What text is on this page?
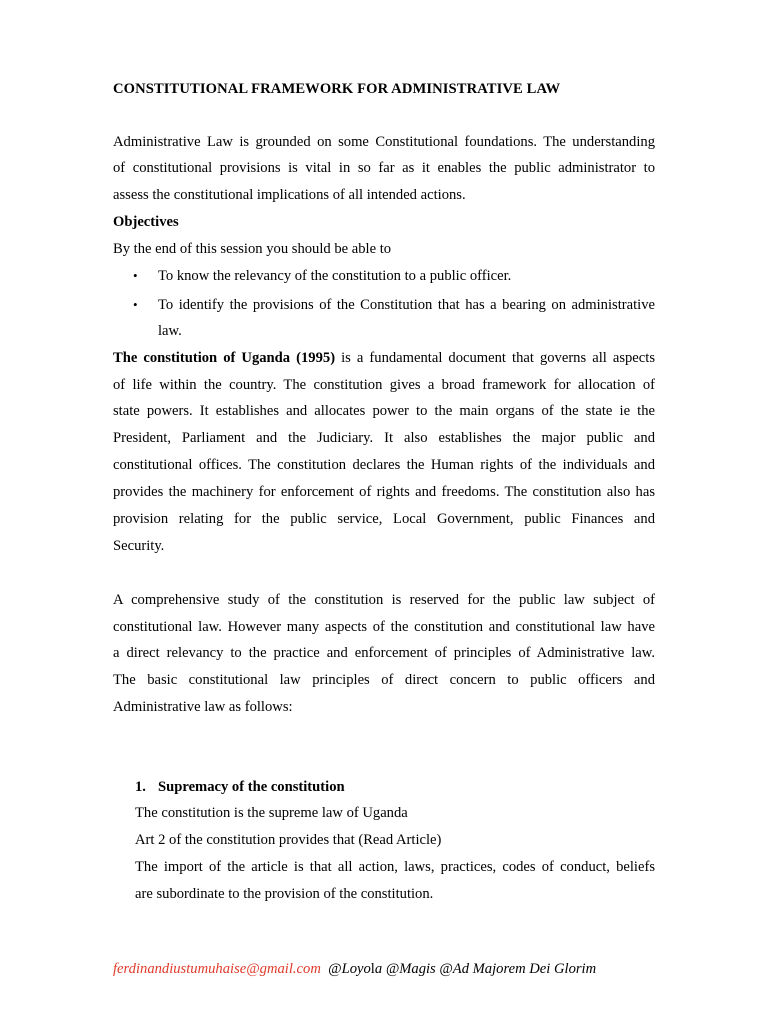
CONSTITUTIONAL FRAMEWORK FOR ADMINISTRATIVE LAW
Administrative Law is grounded on some Constitutional foundations. The understanding
of constitutional provisions is vital in so far as it enables the public administrator to
assess the constitutional implications of all intended actions.
Objectives
By the end of this session you should be able to
•	To know the relevancy of the constitution to a public officer.
•	To identify the provisions of the Constitution that has a bearing on administrative
law.
The constitution of Uganda (1995) is a fundamental document that governs all aspects
of life within the country. The constitution gives a broad framework for allocation of
state powers. It establishes and allocates power to the main organs of the state ie the
President, Parliament and the Judiciary. It also establishes the major public and
constitutional offices. The constitution declares the Human rights of the individuals and
provides the machinery for enforcement of rights and freedoms. The constitution also has
provision relating for the public service, Local Government, public Finances and
Security.
A comprehensive study of the constitution is reserved for the public law subject of
constitutional law. However many aspects of the constitution and constitutional law have
a direct relevancy to the practice and enforcement of principles of Administrative law.
The basic constitutional law principles of direct concern to public officers and
Administrative law as follows:
1. Supremacy of the constitution
The constitution is the supreme law of Uganda
Art 2 of the constitution provides that (Read Article)
The import of the article is that all action, laws, practices, codes of conduct, beliefs
are subordinate to the provision of the constitution.
ferdinandiustumuhaise@gmail.com @Loyola @Magis @Ad Majorem Dei Glorim
